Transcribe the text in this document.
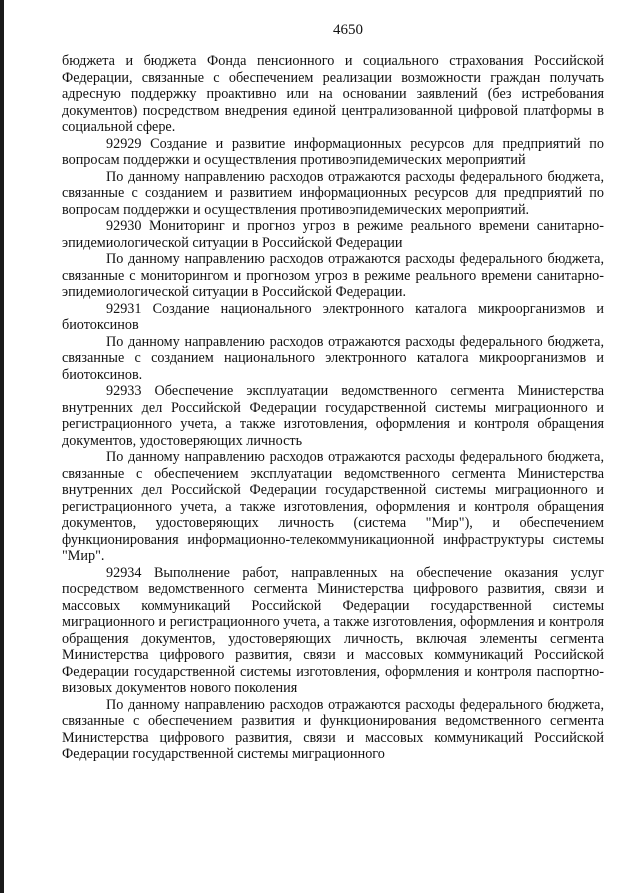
4650

бюджета и бюджета Фонда пенсионного и социального страхования Российской Федерации, связанные с обеспечением реализации возможности граждан получать адресную поддержку проактивно или на основании заявлений (без истребования документов) посредством внедрения единой централизованной цифровой платформы в социальной сфере.

92929 Создание и развитие информационных ресурсов для предприятий по вопросам поддержки и осуществления противоэпидемических мероприятий

По данному направлению расходов отражаются расходы федерального бюджета, связанные с созданием и развитием информационных ресурсов для предприятий по вопросам поддержки и осуществления противоэпидемических мероприятий.

92930 Мониторинг и прогноз угроз в режиме реального времени санитарно-эпидемиологической ситуации в Российской Федерации

По данному направлению расходов отражаются расходы федерального бюджета, связанные с мониторингом и прогнозом угроз в режиме реального времени санитарно-эпидемиологической ситуации в Российской Федерации.

92931 Создание национального электронного каталога микроорганизмов и биотоксинов

По данному направлению расходов отражаются расходы федерального бюджета, связанные с созданием национального электронного каталога микроорганизмов и биотоксинов.

92933 Обеспечение эксплуатации ведомственного сегмента Министерства внутренних дел Российской Федерации государственной системы миграционного и регистрационного учета, а также изготовления, оформления и контроля обращения документов, удостоверяющих личность

По данному направлению расходов отражаются расходы федерального бюджета, связанные с обеспечением эксплуатации ведомственного сегмента Министерства внутренних дел Российской Федерации государственной системы миграционного и регистрационного учета, а также изготовления, оформления и контроля обращения документов, удостоверяющих личность (система "Мир"), и обеспечением функционирования информационно-телекоммуникационной инфраструктуры системы "Мир".

92934 Выполнение работ, направленных на обеспечение оказания услуг посредством ведомственного сегмента Министерства цифрового развития, связи и массовых коммуникаций Российской Федерации государственной системы миграционного и регистрационного учета, а также изготовления, оформления и контроля обращения документов, удостоверяющих личность, включая элементы сегмента Министерства цифрового развития, связи и массовых коммуникаций Российской Федерации государственной системы изготовления, оформления и контроля паспортно-визовых документов нового поколения

По данному направлению расходов отражаются расходы федерального бюджета, связанные с обеспечением развития и функционирования ведомственного сегмента Министерства цифрового развития, связи и массовых коммуникаций Российской Федерации государственной системы миграционного
